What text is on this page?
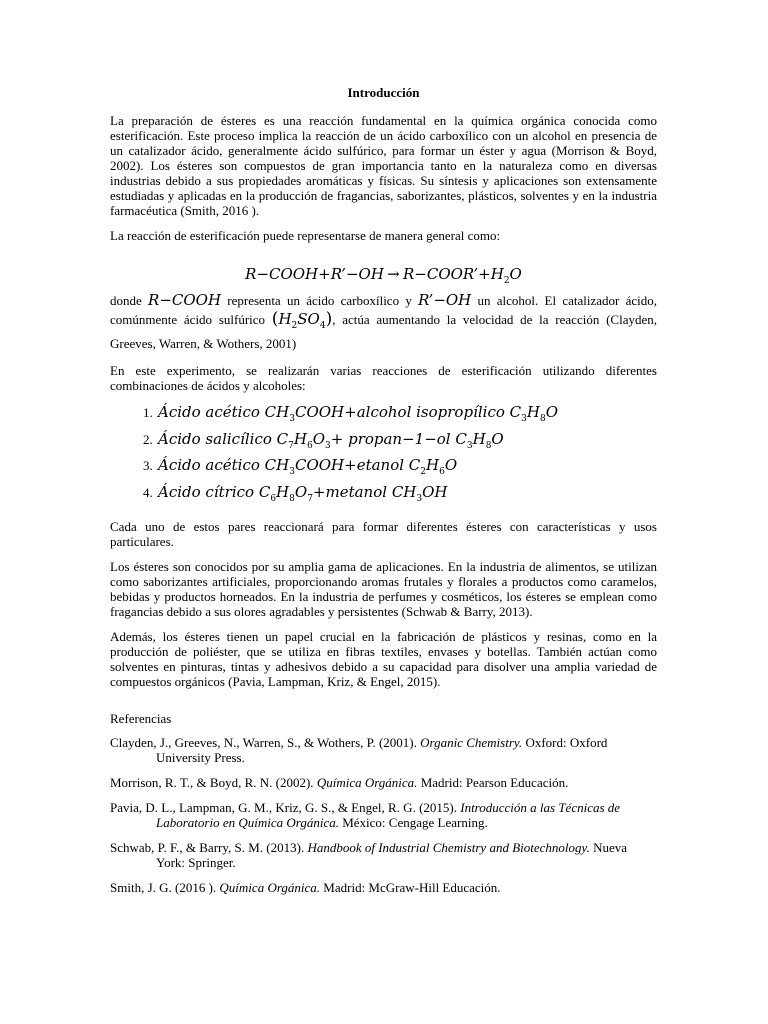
Introducción

La preparación de ésteres es una reacción fundamental en la química orgánica conocida como esterificación. Este proceso implica la reacción de un ácido carboxílico con un alcohol en presencia de un catalizador ácido, generalmente ácido sulfúrico, para formar un éster y agua (Morrison & Boyd, 2002). Los ésteres son compuestos de gran importancia tanto en la naturaleza como en diversas industrias debido a sus propiedades aromáticas y físicas. Su síntesis y aplicaciones son extensamente estudiadas y aplicadas en la producción de fragancias, saborizantes, plásticos, solventes y en la industria farmacéutica (Smith, 2016 ).

La reacción de esterificación puede representarse de manera general como:

R−COOH+R’−OH → $R-COOR’+H_2O$

donde R−COOH representa un ácido carboxílico y R’−OH un alcohol. El catalizador ácido, comúnmente ácido sulfúrico $(H_2SO_4)$, actúa aumentando la velocidad de la reacción (Clayden, Greeves, Warren, & Wothers, 2001)

En este experimento, se realizarán varias reacciones de esterificación utilizando diferentes combinaciones de ácidos y alcoholes:

1. Ácido acético $CH_3COOH+alcohol$ isopropílico $C_3H_8O$
2. Ácido salicílico $C_7H_6O_3+$ propan−1−ol $C_3H_8O$
3. Ácido acético $CH_3COOH+etanol$ $C_2H_6O$
4. Ácido cítrico $C_6H_8O_7+metanol$ $CH_3OH$

Cada uno de estos pares reaccionará para formar diferentes ésteres con características y usos particulares.

Los ésteres son conocidos por su amplia gama de aplicaciones. En la industria de alimentos, se utilizan como saborizantes artificiales, proporcionando aromas frutales y florales a productos como caramelos, bebidas y productos horneados. En la industria de perfumes y cosméticos, los ésteres se emplean como fragancias debido a sus olores agradables y persistentes (Schwab & Barry, 2013).

Además, los ésteres tienen un papel crucial en la fabricación de plásticos y resinas, como en la producción de poliéster, que se utiliza en fibras textiles, envases y botellas. También actúan como solventes en pinturas, tintas y adhesivos debido a su capacidad para disolver una amplia variedad de compuestos orgánicos (Pavia, Lampman, Kriz, & Engel, 2015).

Referencias

Clayden, J., Greeves, N., Warren, S., & Wothers, P. (2001). Organic Chemistry. Oxford: Oxford University Press.

Morrison, R. T., & Boyd, R. N. (2002). Química Orgánica. Madrid: Pearson Educación.

Pavia, D. L., Lampman, G. M., Kriz, G. S., & Engel, R. G. (2015). Introducción a las Técnicas de Laboratorio en Química Orgánica. México: Cengage Learning.

Schwab, P. F., & Barry, S. M. (2013). Handbook of Industrial Chemistry and Biotechnology. Nueva York: Springer.

Smith, J. G. (2016 ). Química Orgánica. Madrid: McGraw-Hill Educación.
